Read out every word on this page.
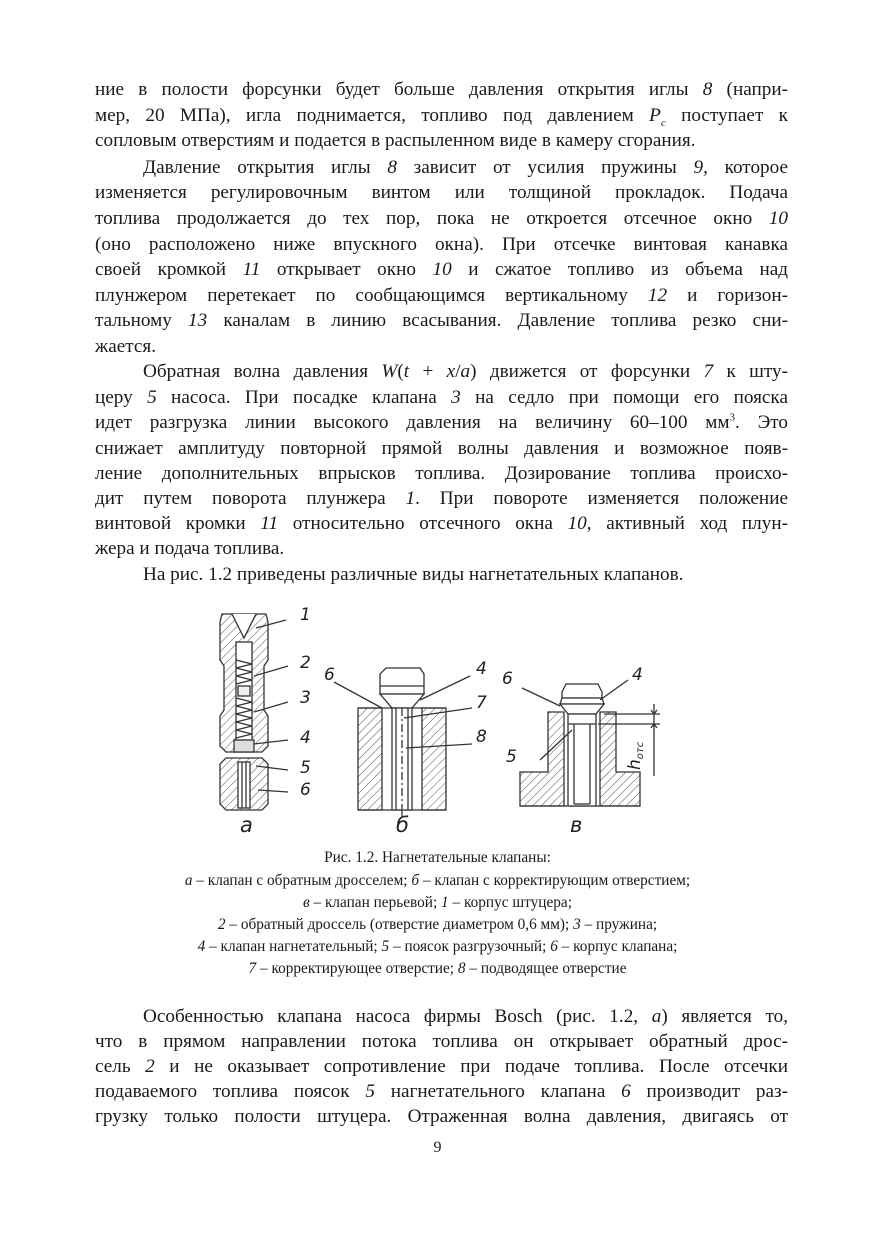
ние в полости форсунки будет больше давления открытия иглы 8 (напри-
мер, 20 МПа), игла поднимается, топливо под давлением $P_c$ поступает к
сопловым отверстиям и подается в распыленном виде в камеру сгорания.
Давление открытия иглы 8 зависит от усилия пружины 9, которое
изменяется регулировочным винтом или толщиной прокладок. Подача
топлива продолжается до тех пор, пока не откроется отсечное окно 10
(оно расположено ниже впускного окна). При отсечке винтовая канавка
своей кромкой 11 открывает окно 10 и сжатое топливо из объема над
плунжером перетекает по сообщающимся вертикальному 12 и горизон-
тальному 13 каналам в линию всасывания. Давление топлива резко сни-
жается.
Обратная волна давления W(t + x/a) движется от форсунки 7 к шту-
церу 5 насоса. При посадке клапана 3 на седло при помощи его пояска
идет разгрузка линии высокого давления на величину 60–100 $мм^3$. Это
снижает амплитуду повторной прямой волны давления и возможное появ-
ление дополнительных впрысков топлива. Дозирование топлива происхо-
дит путем поворота плунжера 1. При повороте изменяется положение
винтовой кромки 11 относительно отсечного окна 10, активный ход плун-
жера и подача топлива.
На рис. 1.2 приведены различные виды нагнетательных клапанов.
1
2
3
4
5
6
а
6	4
7
8
б
6	4
5	hотс
в
Рис. 1.2. Нагнетательные клапаны:
а – клапан с обратным дросселем; б – клапан с корректирующим отверстием;
в – клапан перьевой; 1 – корпус штуцера;
2 – обратный дроссель (отверстие диаметром 0,6 мм); 3 – пружина;
4 – клапан нагнетательный; 5 – поясок разгрузочный; 6 – корпус клапана;
7 – корректирующее отверстие; 8 – подводящее отверстие
Особенностью клапана насоса фирмы Bosch (рис. 1.2, а) является то,
что в прямом направлении потока топлива он открывает обратный дрос-
сель 2 и не оказывает сопротивление при подаче топлива. После отсечки
подаваемого топлива поясок 5 нагнетательного клапана 6 производит раз-
грузку только полости штуцера. Отраженная волна давления, двигаясь от
9
